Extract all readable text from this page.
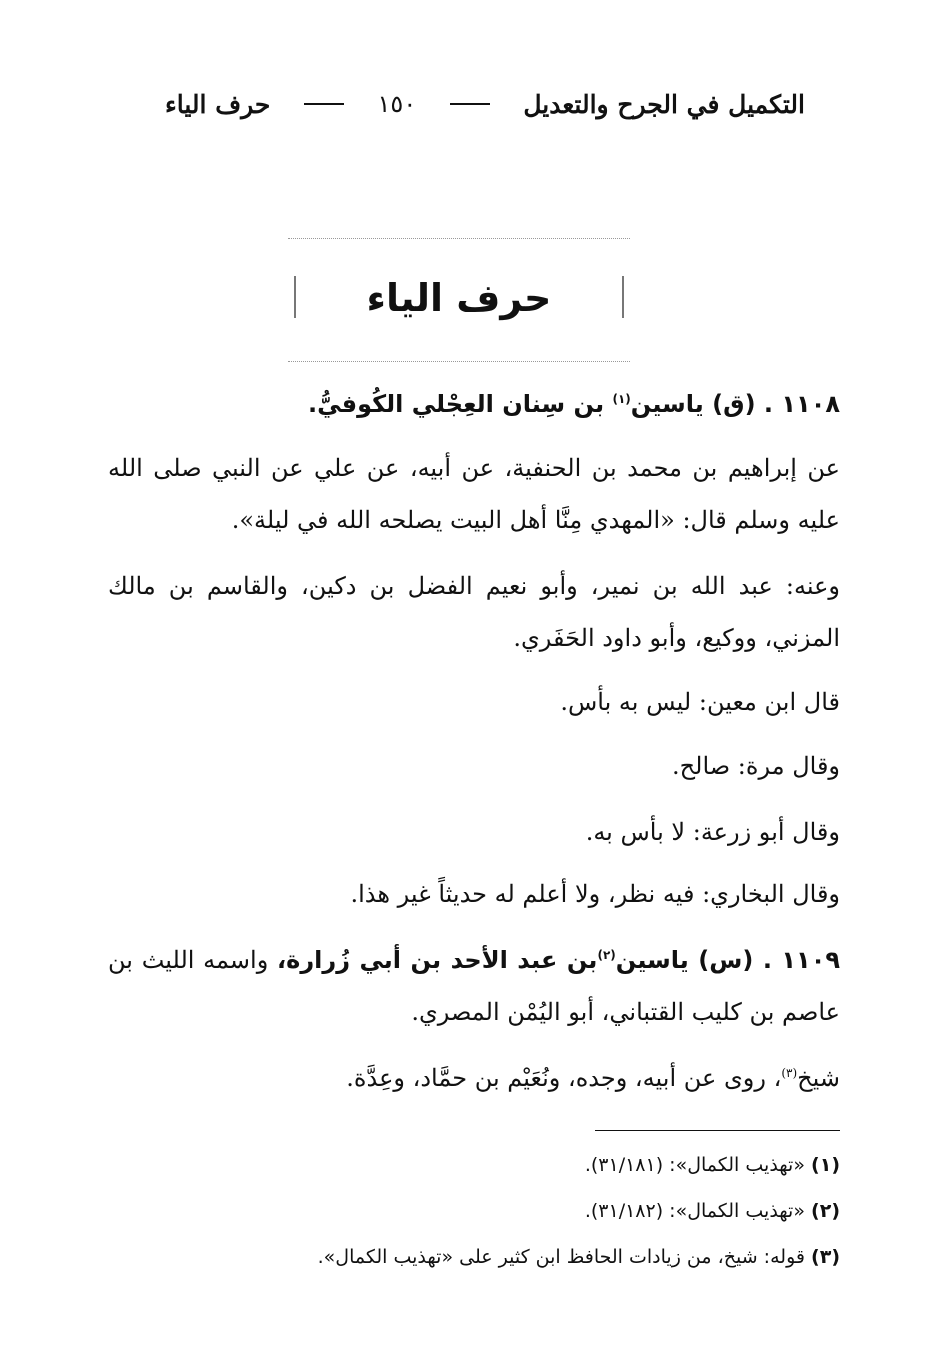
التكميل في الجرح والتعديل
١٥٠
حرف الياء
حرف الياء
١١٠٨ . (ق) ياسين$^{(١)}$ بن سِنان العِجْلي الكُوفيُّ.
عن إبراهيم بن محمد بن الحنفية، عن أبيه، عن علي عن النبي صلى الله عليه وسلم قال: «المهدي مِنَّا أهل البيت يصلحه الله في ليلة».
وعنه: عبد الله بن نمير، وأبو نعيم الفضل بن دكين، والقاسم بن مالك المزني، ووكيع، وأبو داود الحَفَري.
قال ابن معين: ليس به بأس.
وقال مرة: صالح.
وقال أبو زرعة: لا بأس به.
وقال البخاري: فيه نظر، ولا أعلم له حديثاً غير هذا.
١١٠٩ . (س) ياسين$^{(٢)}$بن عبد الأحد بن أبي زُرارة، واسمه الليث بن عاصم بن كليب القتباني، أبو اليُمْن المصري.
شيخ$^{(٣)}$، روى عن أبيه، وجده، ونُعَيْم بن حمَّاد، وعِدَّة.
(١) «تهذيب الكمال»: (٣١/١٨١).
(٢) «تهذيب الكمال»: (٣١/١٨٢).
(٣) قوله: شيخ، من زيادات الحافظ ابن كثير على «تهذيب الكمال».
